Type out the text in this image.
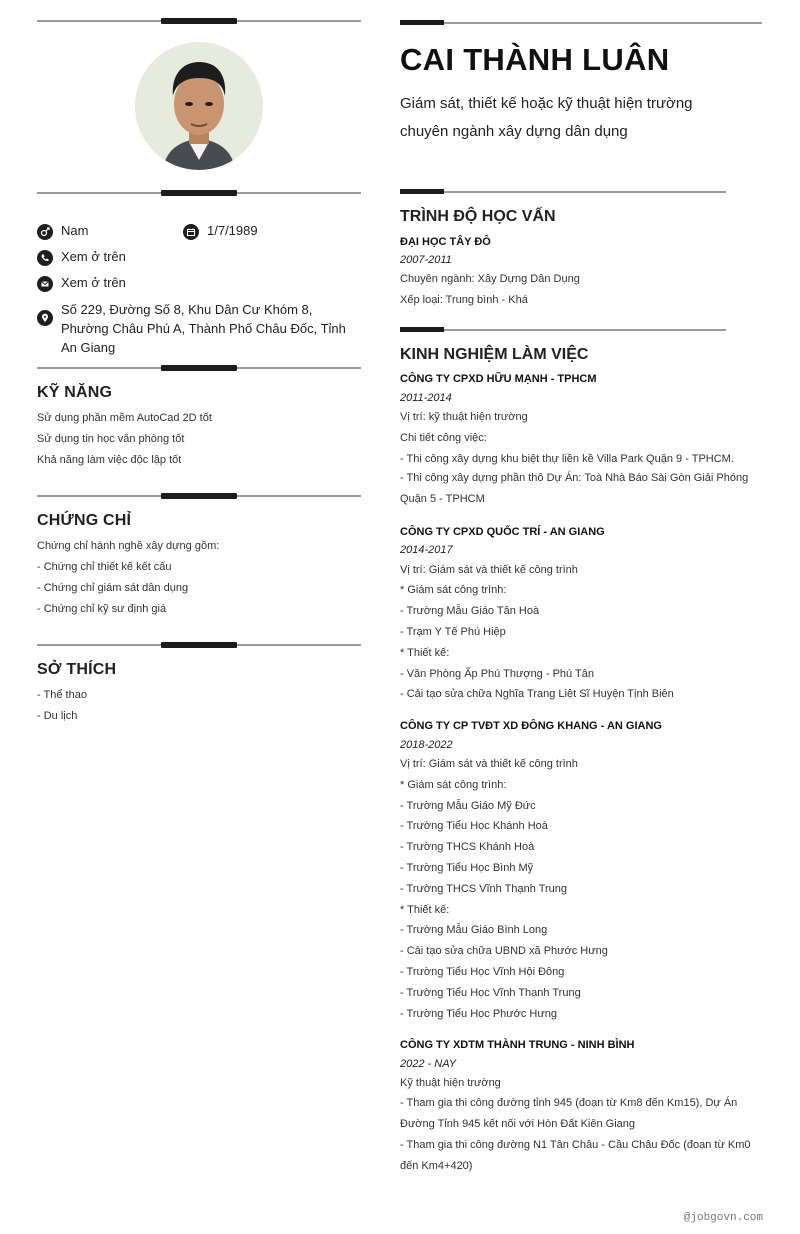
Nam	1/7/1989
Xem ở trên
Xem ở trên
Số 229, Đường Số 8, Khu Dân Cư Khóm 8, Phường Châu Phú A, Thành Phố Châu Đốc, Tỉnh An Giang
KỸ NĂNG
Sử dụng phần mềm AutoCad 2D tốt
Sử dụng tin học văn phòng tốt
Khả năng làm việc độc lập tốt
CHỨNG CHỈ
Chứng chỉ hành nghề xây dựng gồm:
- Chứng chỉ thiết kế kết cấu
- Chứng chỉ giám sát dân dụng
- Chứng chỉ kỹ sư định giá
SỞ THÍCH
- Thể thao
- Du lịch
CAI THÀNH LUÂN
Giám sát, thiết kế hoặc kỹ thuật hiện trường chuyên ngành xây dựng dân dụng
TRÌNH ĐỘ HỌC VẤN
ĐẠI HỌC TÂY ĐÔ
2007-2011
Chuyên ngành: Xây Dựng Dân Dụng
Xếp loại: Trung bình - Khá
KINH NGHIỆM LÀM VIỆC
CÔNG TY CPXD HỮU MẠNH - TPHCM
2011-2014
Vị trí: kỹ thuật hiện trường
Chi tiết công việc:
- Thi công xây dựng khu biệt thự liền kề Villa Park Quận 9 - TPHCM.
- Thi công xây dựng phần thô Dự Án: Toà Nhà Báo Sài Gòn Giải Phóng Quận 5 - TPHCM
CÔNG TY CPXD QUỐC TRÍ - AN GIANG
2014-2017
Vị trí: Giám sát và thiết kế công trình
* Giám sát công trình:
- Trường Mẫu Giáo Tân Hoà
- Trạm Y Tế Phú Hiệp
* Thiết kế:
- Văn Phòng Ấp Phú Thượng - Phú Tân
- Cải tạo sửa chữa Nghĩa Trang Liệt Sĩ Huyện Tịnh Biên
CÔNG TY CP TVĐT XD ĐÔNG KHANG - AN GIANG
2018-2022
Vị trí: Giám sát và thiết kế công trình
* Giám sát công trình:
- Trường Mẫu Giáo Mỹ Đức
- Trường Tiểu Học Khánh Hoà
- Trường THCS Khánh Hoà
- Trường Tiểu Học Bình Mỹ
- Trường THCS Vĩnh Thạnh Trung
* Thiết kế:
- Trường Mẫu Giáo Bình Long
- Cải tạo sửa chữa UBND xã Phước Hưng
- Trường Tiểu Học Vĩnh Hội Đông
- Trường Tiểu Học Vĩnh Thạnh Trung
- Trường Tiểu Học Phước Hưng
CÔNG TY XDTM THÀNH TRUNG - NINH BÌNH
2022 - NAY
Kỹ thuật hiện trường
- Tham gia thi công đường tỉnh 945 (đoạn từ Km8 đến Km15), Dự Án Đường Tỉnh 945 kết nối với Hòn Đất Kiên Giang
- Tham gia thi công đường N1 Tân Châu - Cầu Châu Đốc (đoạn từ Km0 đến Km4+420)
@jobgovn.com
